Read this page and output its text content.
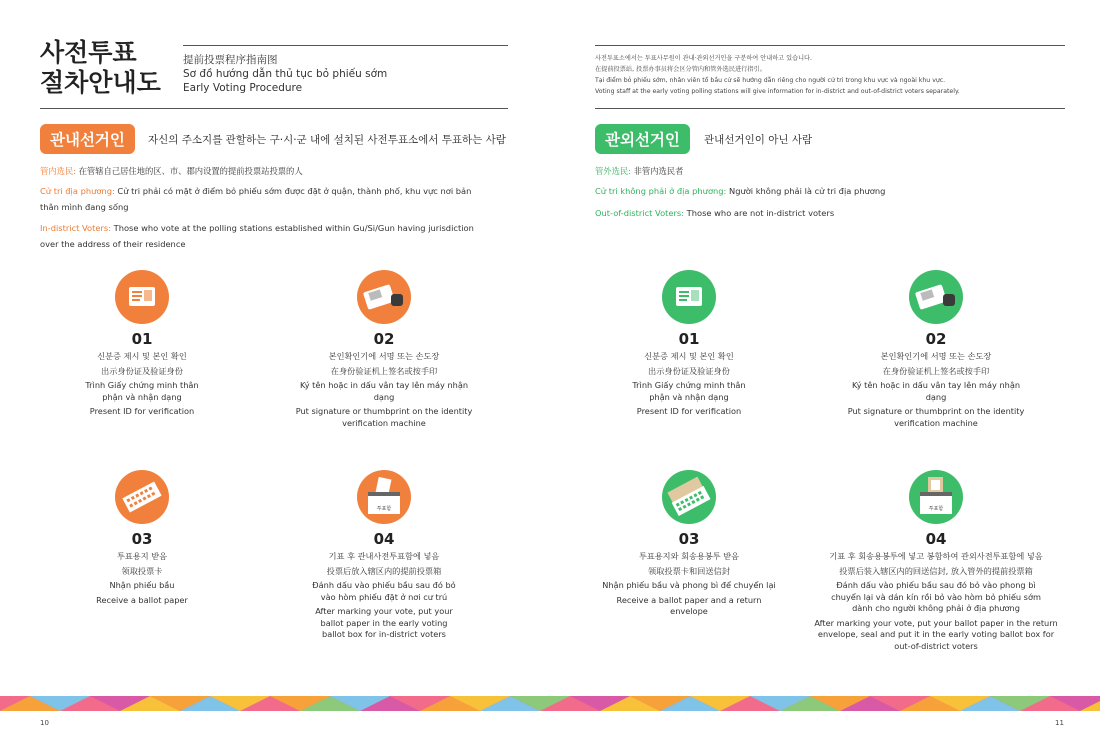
사전투표
절차안내도
提前投票程序指南图
Sơ đồ hướng dẫn thủ tục bỏ phiếu sớm
Early Voting Procedure
관내선거인	자신의 주소지를 관할하는 구·시·군 내에 설치된 사전투표소에서 투표하는 사람
管内选民: 在管辖自己居住地的区、市、郡内设置的提前投票站投票的人
Cử tri địa phương: Cử tri phải có mặt ở điểm bỏ phiếu sớm được đặt ở quận, thành phố, khu vực nơi bản thân mình đang sống
In-district Voters: Those who vote at the polling stations established within Gu/Si/Gun having jurisdiction over the address of their residence
01
신분증 제시 및 본인 확인
出示身份证及验证身份
Trình Giấy chứng minh thân phận và nhận dạng
Present ID for verification
02
본인확인기에 서명 또는 손도장
在身份验证机上签名或按手印
Ký tên hoặc in dấu vân tay lên máy nhận dạng
Put signature or thumbprint on the identity verification machine
03
투표용지 받음
领取投票卡
Nhận phiếu bầu
Receive a ballot paper
투표함
04
기표 후 관내사전투표함에 넣음
投票后放入辖区内的提前投票箱
Đánh dấu vào phiếu bầu sau đó bỏ vào hòm phiếu đặt ở nơi cư trú
After marking your vote, put your ballot paper in the early voting ballot box for in-district voters
10
사전투표소에서는 투표사무원이 관내·관외선거인을 구분하여 안내하고 있습니다.
在提前投票站, 投票办事员将会区分管内和管外选民进行指引。
Tại điểm bỏ phiếu sớm, nhân viên tổ bầu cử sẽ hướng dẫn riêng cho người cử tri trong khu vực và ngoài khu vực.
Voting staff at the early voting polling stations will give information for in-district and out-of-district voters separately.
관외선거인	관내선거인이 아닌 사람
管外选民: 非管内选民者
Cử tri không phải ở địa phương: Người không phải là cử tri địa phương
Out-of-district Voters: Those who are not in-district voters
01
신분증 제시 및 본인 확인
出示身份证及验证身份
Trình Giấy chứng minh thân phận và nhận dạng
Present ID for verification
02
본인확인기에 서명 또는 손도장
在身份验证机上签名或按手印
Ký tên hoặc in dấu vân tay lên máy nhận dạng
Put signature or thumbprint on the identity verification machine
03
투표용지와 회송용봉투 받음
领取投票卡和回送信封
Nhận phiếu bầu và phong bì để chuyển lại
Receive a ballot paper and a return envelope
투표함
04
기표 후 회송용봉투에 넣고 봉함하여 관외사전투표함에 넣음
投票后装入辖区内的回送信封, 放入管外的提前投票箱
Đánh dấu vào phiếu bầu sau đó bỏ vào phong bì chuyển lại và dán kín rồi bỏ vào hòm bỏ phiếu sớm dành cho người không phải ở địa phương
After marking your vote, put your ballot paper in the return envelope, seal and put it in the early voting ballot box for out-of-district voters
11
